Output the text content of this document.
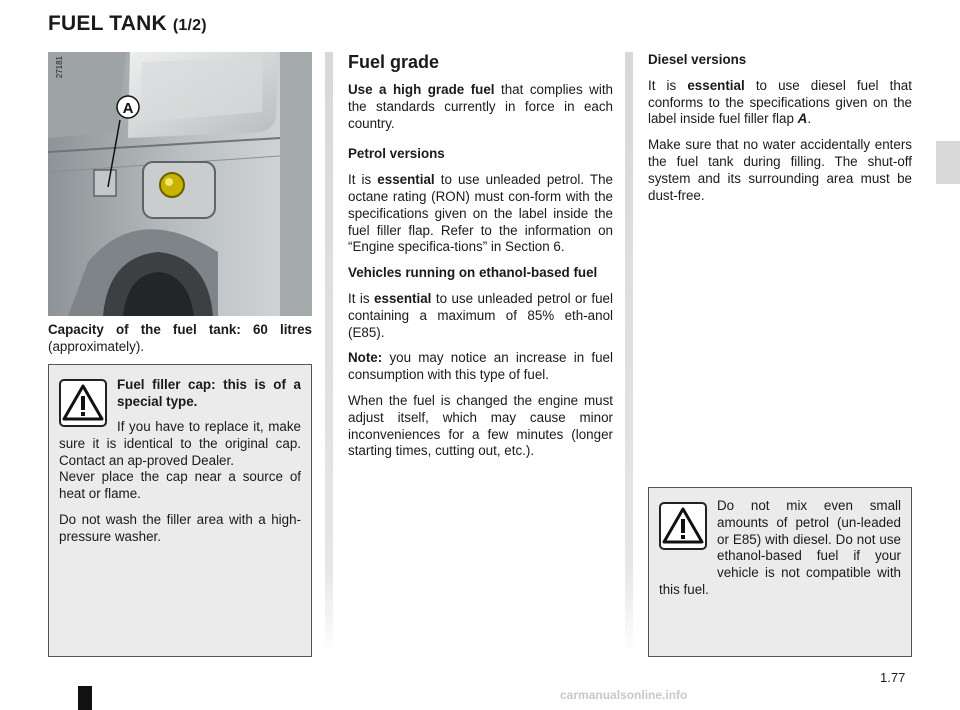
FUEL TANK (1/2)
A
27181

Capacity of the fuel tank: 60 litres (approximately).

Fuel filler cap: this is of a special type.

If you have to replace it, make sure it is identical to the original cap. Contact an ap-proved Dealer.

Never place the cap near a source of heat or flame.

Do not wash the filler area with a high-pressure washer.

Fuel grade

Use a high grade fuel that complies with the standards currently in force in each country.

Petrol versions

It is essential to use unleaded petrol. The octane rating (RON) must con-form with the specifications given on the label inside the fuel filler flap. Refer to the information on “Engine specifica-tions” in Section 6.

Vehicles running on ethanol-based fuel

It is essential to use unleaded petrol or fuel containing a maximum of 85% eth-anol (E85).

Note: you may notice an increase in fuel consumption with this type of fuel.

When the fuel is changed the engine must adjust itself, which may cause minor inconveniences for a few minutes (longer starting times, cutting out, etc.).

Diesel versions

It is essential to use diesel fuel that conforms to the specifications given on the label inside fuel filler flap A.

Make sure that no water accidentally enters the fuel tank during filling. The shut-off system and its surrounding area must be dust-free.

Do not mix even small amounts of petrol (un-leaded or E85) with diesel. Do not use ethanol-based fuel if your vehicle is not compatible with this fuel.

1.77
carmanualsonline.info
